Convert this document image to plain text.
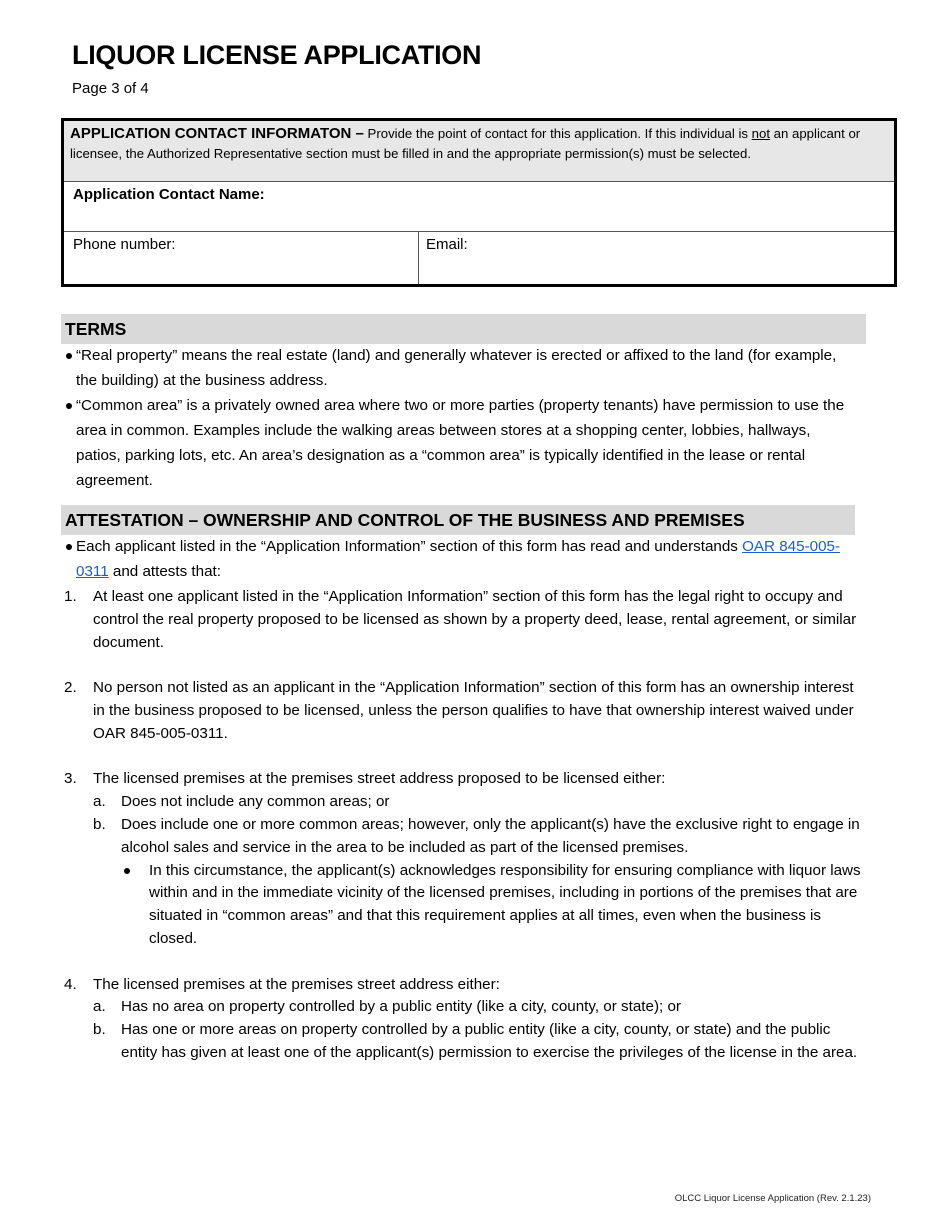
LIQUOR LICENSE APPLICATION
Page 3 of 4
APPLICATION CONTACT INFORMATON – Provide the point of contact for this application. If this individual is not an applicant or licensee, the Authorized Representative section must be filled in and the appropriate permission(s) must be selected.
Application Contact Name:
Phone number:	Email:
TERMS
“Real property” means the real estate (land) and generally whatever is erected or affixed to the land (for example, the building) at the business address.
“Common area” is a privately owned area where two or more parties (property tenants) have permission to use the area in common. Examples include the walking areas between stores at a shopping center, lobbies, hallways, patios, parking lots, etc. An area’s designation as a “common area” is typically identified in the lease or rental agreement.
ATTESTATION – OWNERSHIP AND CONTROL OF THE BUSINESS AND PREMISES
Each applicant listed in the “Application Information” section of this form has read and understands OAR 845-005-0311 and attests that:
1. At least one applicant listed in the “Application Information” section of this form has the legal right to occupy and control the real property proposed to be licensed as shown by a property deed, lease, rental agreement, or similar document.
2. No person not listed as an applicant in the “Application Information” section of this form has an ownership interest in the business proposed to be licensed, unless the person qualifies to have that ownership interest waived under OAR 845-005-0311.
3. The licensed premises at the premises street address proposed to be licensed either:
a. Does not include any common areas; or
b. Does include one or more common areas; however, only the applicant(s) have the exclusive right to engage in alcohol sales and service in the area to be included as part of the licensed premises.
In this circumstance, the applicant(s) acknowledges responsibility for ensuring compliance with liquor laws within and in the immediate vicinity of the licensed premises, including in portions of the premises that are situated in “common areas” and that this requirement applies at all times, even when the business is closed.
4. The licensed premises at the premises street address either:
a. Has no area on property controlled by a public entity (like a city, county, or state); or
b. Has one or more areas on property controlled by a public entity (like a city, county, or state) and the public entity has given at least one of the applicant(s) permission to exercise the privileges of the license in the area.
OLCC Liquor License Application (Rev. 2.1.23)
